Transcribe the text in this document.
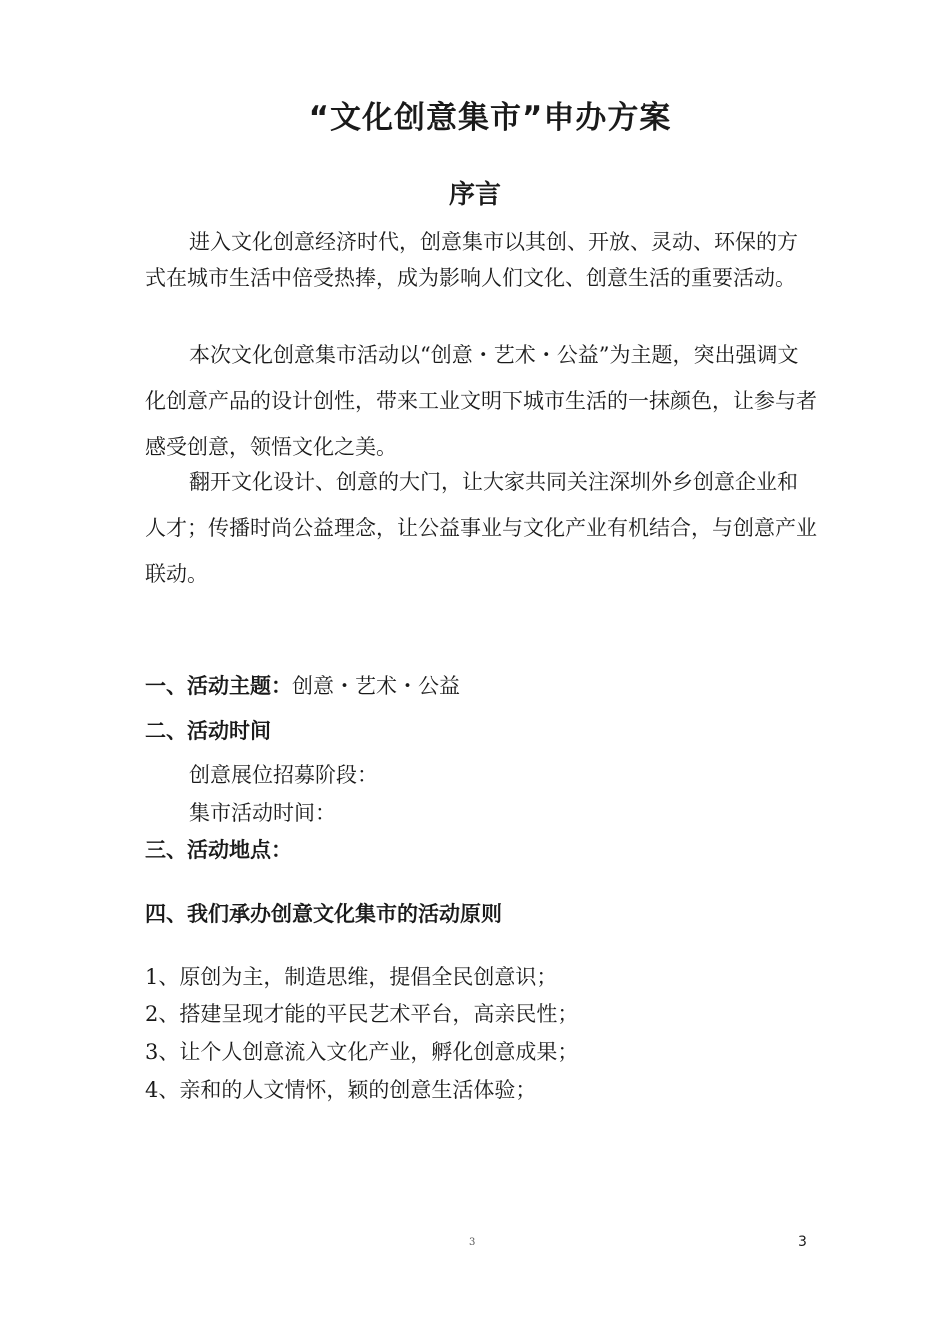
“文化创意集市”申办方案
序言
进入文化创意经济时代，创意集市以其创、开放、灵动、环保的方式在城市生活中倍受热捧，成为影响人们文化、创意生活的重要活动。
本次文化创意集市活动以“创意・艺术・公益”为主题，突出强调文化创意产品的设计创性，带来工业文明下城市生活的一抹颜色，让参与者感受创意，领悟文化之美。
翻开文化设计、创意的大门，让大家共同关注深圳外乡创意企业和人才；传播时尚公益理念，让公益事业与文化产业有机结合，与创意产业联动。
一、活动主题：创意・艺术・公益
二、活动时间
创意展位招募阶段：
集市活动时间：
三、活动地点：
四、我们承办创意文化集市的活动原则
1、原创为主，制造思维，提倡全民创意识；
2、搭建呈现才能的平民艺术平台，高亲民性；
3、让个人创意流入文化产业，孵化创意成果；
4、亲和的人文情怀，颖的创意生活体验；
3	3
